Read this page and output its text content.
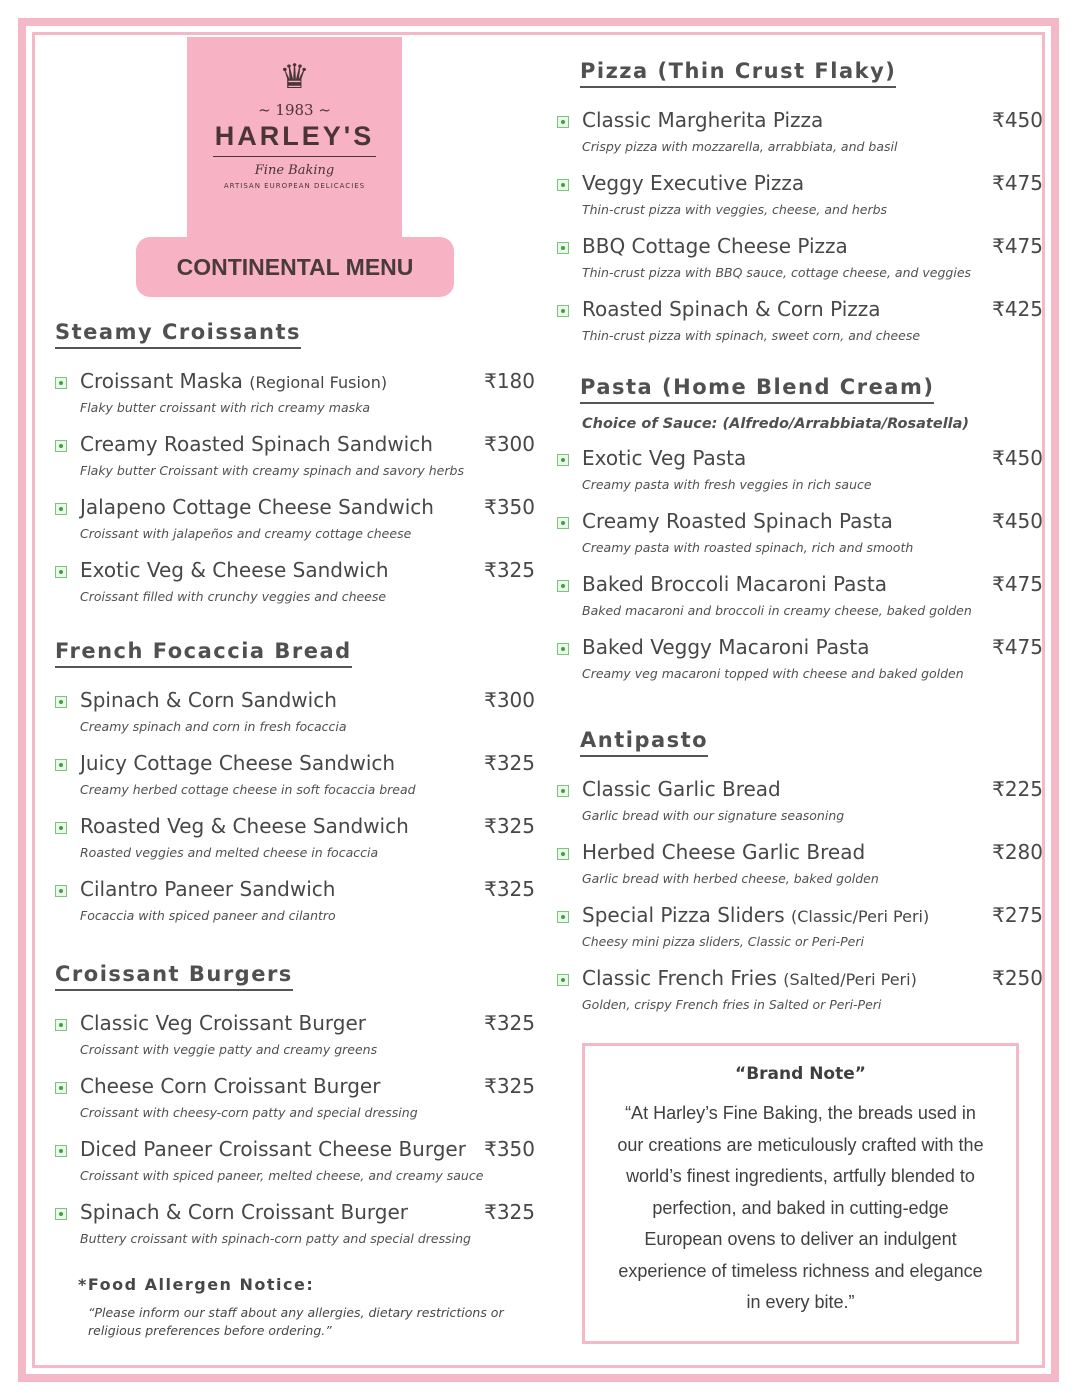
♛
~ 1983 ~
HARLEY'S
Fine Baking
ARTISAN EUROPEAN DELICACIES
CONTINENTAL MENU
Steamy Croissants
Croissant Maska (Regional Fusion)	₹180
Flaky butter croissant with rich creamy maska
Creamy Roasted Spinach Sandwich	₹300
Flaky butter Croissant with creamy spinach and savory herbs
Jalapeno Cottage Cheese Sandwich	₹350
Croissant with jalapeños and creamy cottage cheese
Exotic Veg & Cheese Sandwich	₹325
Croissant filled with crunchy veggies and cheese
French Focaccia Bread
Spinach & Corn Sandwich	₹300
Creamy spinach and corn in fresh focaccia
Juicy Cottage Cheese Sandwich	₹325
Creamy herbed cottage cheese in soft focaccia bread
Roasted Veg & Cheese Sandwich	₹325
Roasted veggies and melted cheese in focaccia
Cilantro Paneer Sandwich	₹325
Focaccia with spiced paneer and cilantro
Croissant Burgers
Classic Veg Croissant Burger	₹325
Croissant with veggie patty and creamy greens
Cheese Corn Croissant Burger	₹325
Croissant with cheesy-corn patty and special dressing
Diced Paneer Croissant Cheese Burger ₹350
Croissant with spiced paneer, melted cheese, and creamy sauce
Spinach & Corn Croissant Burger	₹325
Buttery croissant with spinach-corn patty and special dressing
Pizza (Thin Crust Flaky)
Classic Margherita Pizza	₹450
Crispy pizza with mozzarella, arrabbiata, and basil
Veggy Executive Pizza	₹475
Thin-crust pizza with veggies, cheese, and herbs
BBQ Cottage Cheese Pizza	₹475
Thin-crust pizza with BBQ sauce, cottage cheese, and veggies
Roasted Spinach & Corn Pizza	₹425
Thin-crust pizza with spinach, sweet corn, and cheese
Pasta (Home Blend Cream)
Choice of Sauce: (Alfredo/Arrabbiata/Rosatella)
Exotic Veg Pasta	₹450
Creamy pasta with fresh veggies in rich sauce
Creamy Roasted Spinach Pasta	₹450
Creamy pasta with roasted spinach, rich and smooth
Baked Broccoli Macaroni Pasta	₹475
Baked macaroni and broccoli in creamy cheese, baked golden
Baked Veggy Macaroni Pasta	₹475
Creamy veg macaroni topped with cheese and baked golden
Antipasto
Classic Garlic Bread	₹225
Garlic bread with our signature seasoning
Herbed Cheese Garlic Bread	₹280
Garlic bread with herbed cheese, baked golden
Special Pizza Sliders (Classic/Peri Peri)	₹275
Cheesy mini pizza sliders, Classic or Peri-Peri
Classic French Fries (Salted/Peri Peri)	₹250
Golden, crispy French fries in Salted or Peri-Peri
*Food Allergen Notice:
“Please inform our staff about any allergies, dietary restrictions or religious preferences before ordering.”
“Brand Note”
“At Harley’s Fine Baking, the breads used in our creations are meticulously crafted with the world’s finest ingredients, artfully blended to perfection, and baked in cutting-edge European ovens to deliver an indulgent experience of timeless richness and elegance in every bite.”
